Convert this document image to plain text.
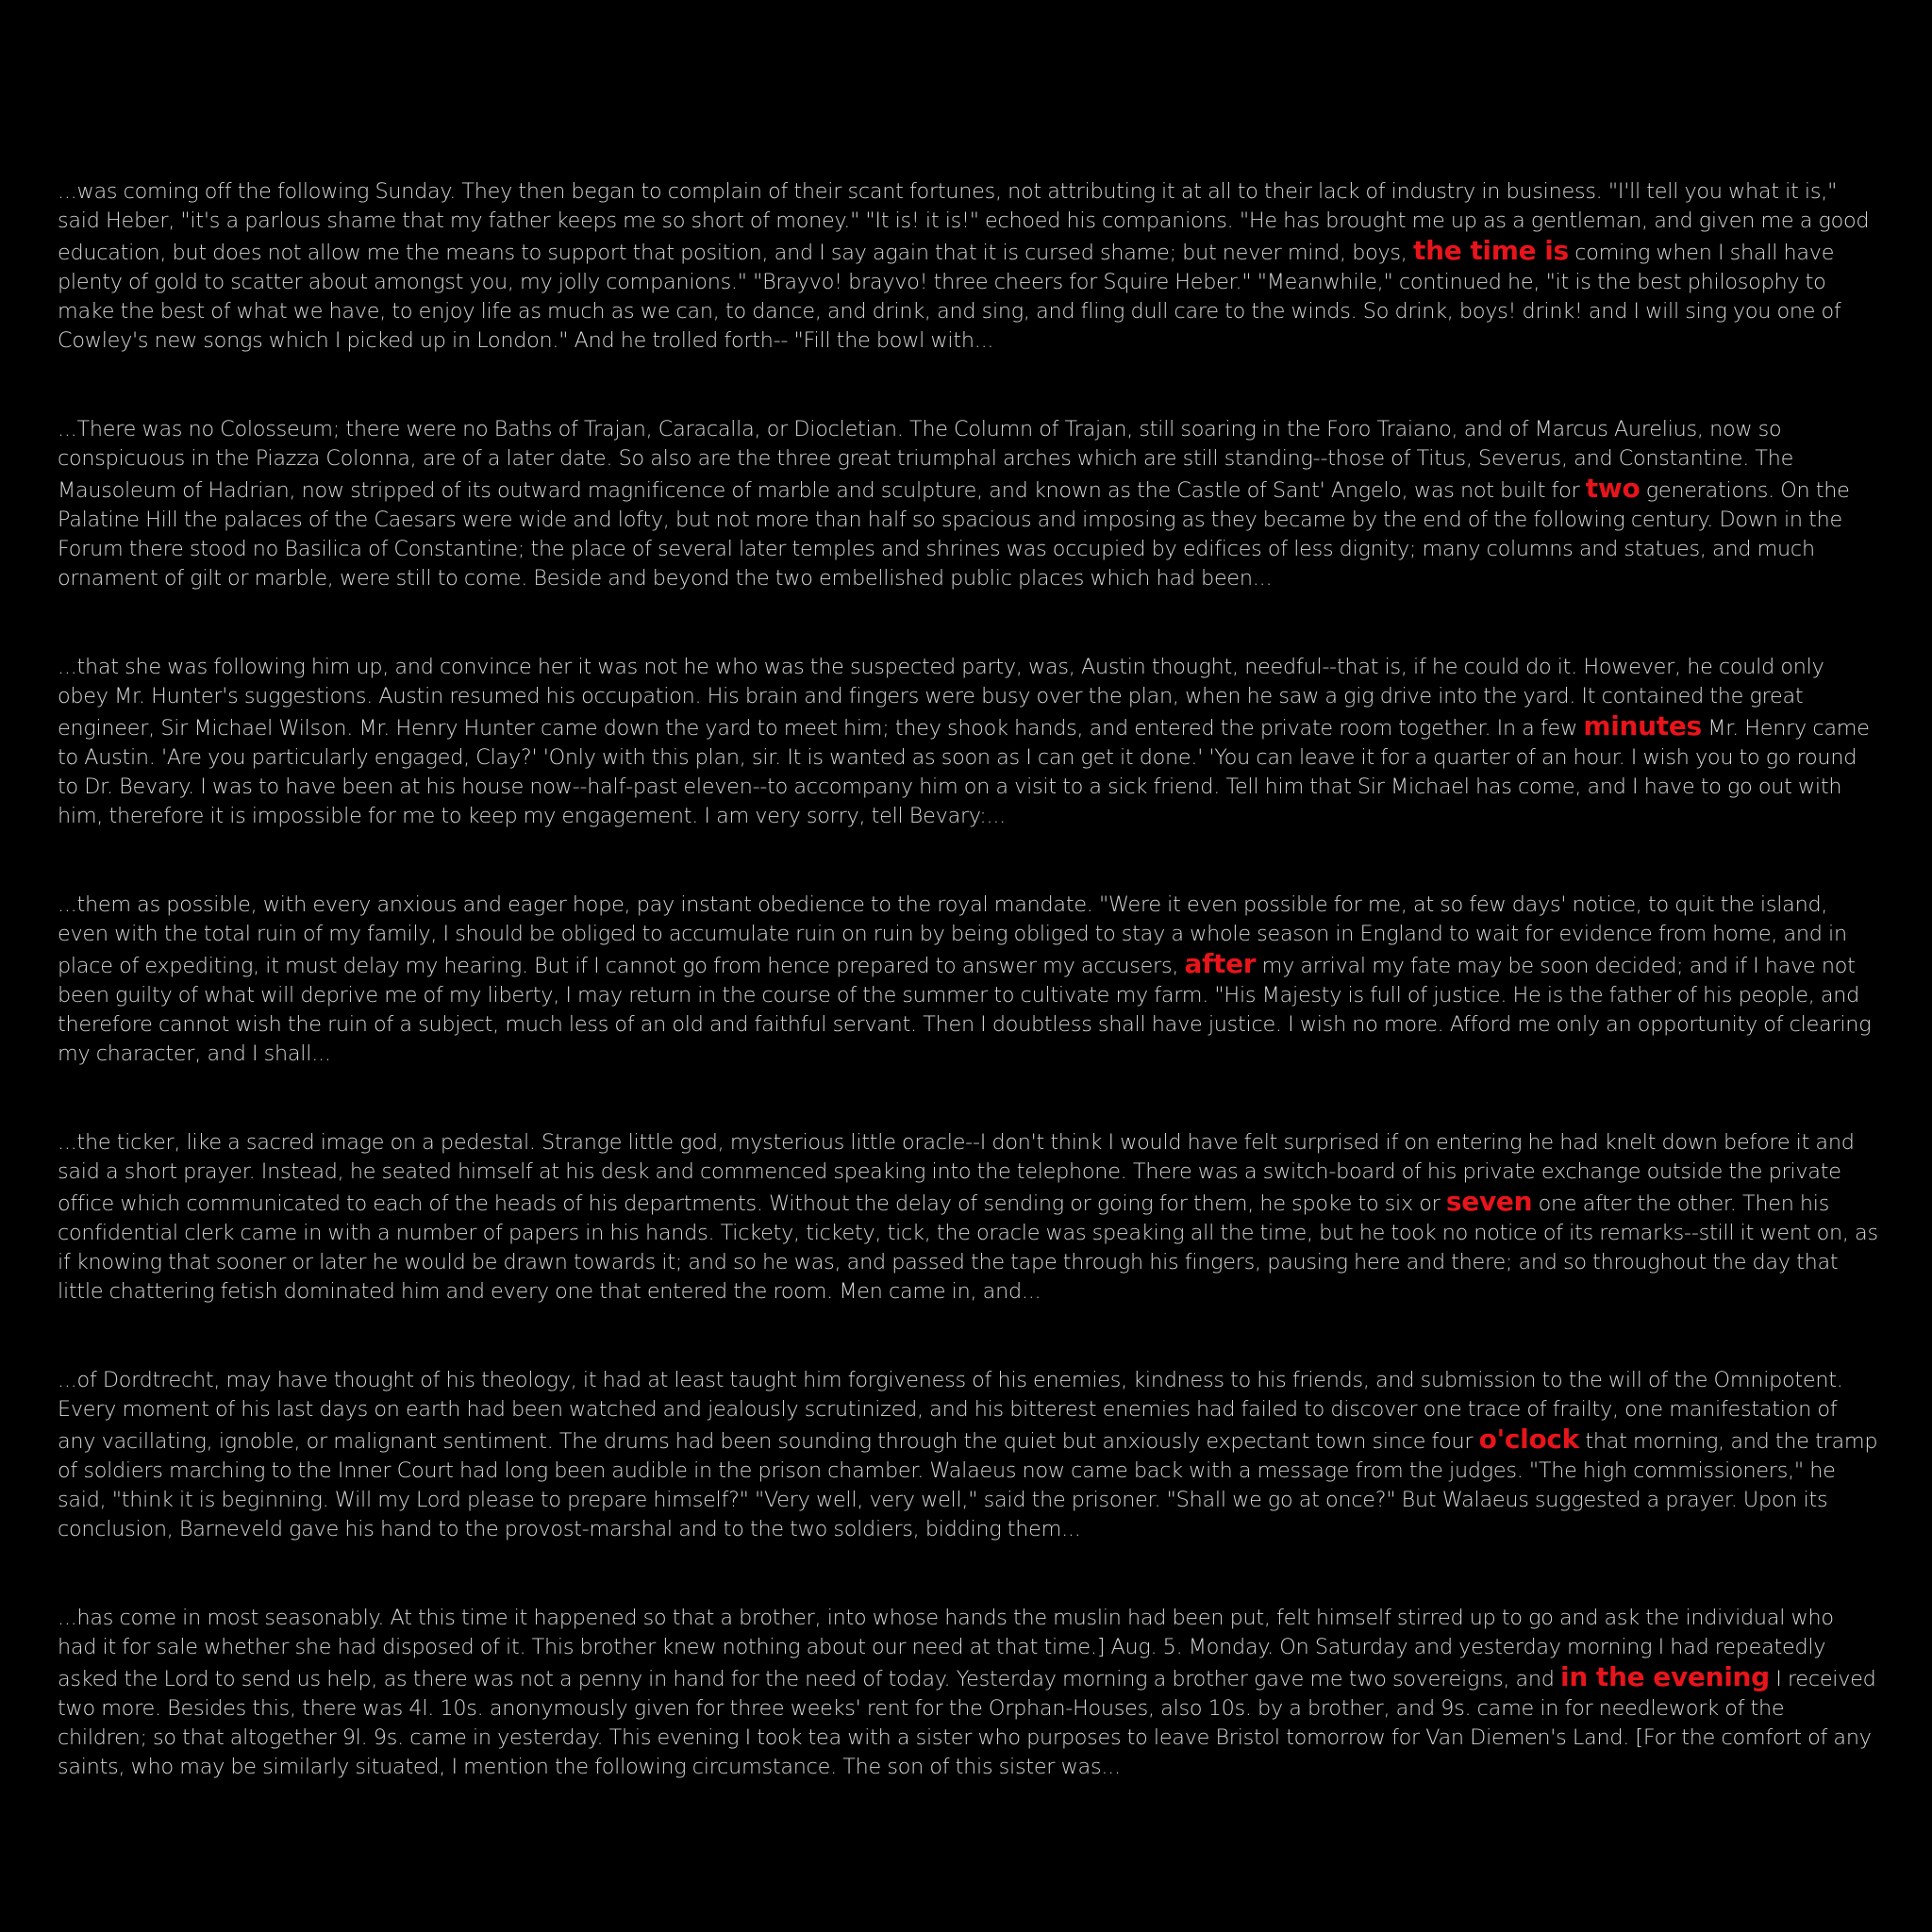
...was coming off the following Sunday. They then began to complain of their scant fortunes, not attributing it at all to their lack of industry in business. "I'll tell you what it is," said Heber, "it's a parlous shame that my father keeps me so short of money." "It is! it is!" echoed his companions. "He has brought me up as a gentleman, and given me a good education, but does not allow me the means to support that position, and I say again that it is cursed shame; but never mind, boys, the time is coming when I shall have plenty of gold to scatter about amongst you, my jolly companions." "Brayvo! brayvo! three cheers for Squire Heber." "Meanwhile," continued he, "it is the best philosophy to make the best of what we have, to enjoy life as much as we can, to dance, and drink, and sing, and fling dull care to the winds. So drink, boys! drink! and I will sing you one of Cowley's new songs which I picked up in London." And he trolled forth-- "Fill the bowl with...

...There was no Colosseum; there were no Baths of Trajan, Caracalla, or Diocletian. The Column of Trajan, still soaring in the Foro Traiano, and of Marcus Aurelius, now so conspicuous in the Piazza Colonna, are of a later date. So also are the three great triumphal arches which are still standing--those of Titus, Severus, and Constantine. The Mausoleum of Hadrian, now stripped of its outward magnificence of marble and sculpture, and known as the Castle of Sant' Angelo, was not built for two generations. On the Palatine Hill the palaces of the Caesars were wide and lofty, but not more than half so spacious and imposing as they became by the end of the following century. Down in the Forum there stood no Basilica of Constantine; the place of several later temples and shrines was occupied by edifices of less dignity; many columns and statues, and much ornament of gilt or marble, were still to come. Beside and beyond the two embellished public places which had been...

...that she was following him up, and convince her it was not he who was the suspected party, was, Austin thought, needful--that is, if he could do it. However, he could only obey Mr. Hunter's suggestions. Austin resumed his occupation. His brain and fingers were busy over the plan, when he saw a gig drive into the yard. It contained the great engineer, Sir Michael Wilson. Mr. Henry Hunter came down the yard to meet him; they shook hands, and entered the private room together. In a few minutes Mr. Henry came to Austin. 'Are you particularly engaged, Clay?' 'Only with this plan, sir. It is wanted as soon as I can get it done.' 'You can leave it for a quarter of an hour. I wish you to go round to Dr. Bevary. I was to have been at his house now--half-past eleven--to accompany him on a visit to a sick friend. Tell him that Sir Michael has come, and I have to go out with him, therefore it is impossible for me to keep my engagement. I am very sorry, tell Bevary:...

...them as possible, with every anxious and eager hope, pay instant obedience to the royal mandate. "Were it even possible for me, at so few days' notice, to quit the island, even with the total ruin of my family, I should be obliged to accumulate ruin on ruin by being obliged to stay a whole season in England to wait for evidence from home, and in place of expediting, it must delay my hearing. But if I cannot go from hence prepared to answer my accusers, after my arrival my fate may be soon decided; and if I have not been guilty of what will deprive me of my liberty, I may return in the course of the summer to cultivate my farm. "His Majesty is full of justice. He is the father of his people, and therefore cannot wish the ruin of a subject, much less of an old and faithful servant. Then I doubtless shall have justice. I wish no more. Afford me only an opportunity of clearing my character, and I shall...

...the ticker, like a sacred image on a pedestal. Strange little god, mysterious little oracle--I don't think I would have felt surprised if on entering he had knelt down before it and said a short prayer. Instead, he seated himself at his desk and commenced speaking into the telephone. There was a switch-board of his private exchange outside the private office which communicated to each of the heads of his departments. Without the delay of sending or going for them, he spoke to six or seven one after the other. Then his confidential clerk came in with a number of papers in his hands. Tickety, tickety, tick, the oracle was speaking all the time, but he took no notice of its remarks--still it went on, as if knowing that sooner or later he would be drawn towards it; and so he was, and passed the tape through his fingers, pausing here and there; and so throughout the day that little chattering fetish dominated him and every one that entered the room. Men came in, and...

...of Dordtrecht, may have thought of his theology, it had at least taught him forgiveness of his enemies, kindness to his friends, and submission to the will of the Omnipotent. Every moment of his last days on earth had been watched and jealously scrutinized, and his bitterest enemies had failed to discover one trace of frailty, one manifestation of any vacillating, ignoble, or malignant sentiment. The drums had been sounding through the quiet but anxiously expectant town since four o'clock that morning, and the tramp of soldiers marching to the Inner Court had long been audible in the prison chamber. Walaeus now came back with a message from the judges. "The high commissioners," he said, "think it is beginning. Will my Lord please to prepare himself?" "Very well, very well," said the prisoner. "Shall we go at once?" But Walaeus suggested a prayer. Upon its conclusion, Barneveld gave his hand to the provost-marshal and to the two soldiers, bidding them...

...has come in most seasonably. At this time it happened so that a brother, into whose hands the muslin had been put, felt himself stirred up to go and ask the individual who had it for sale whether she had disposed of it. This brother knew nothing about our need at that time.] Aug. 5. Monday. On Saturday and yesterday morning I had repeatedly asked the Lord to send us help, as there was not a penny in hand for the need of today. Yesterday morning a brother gave me two sovereigns, and in the evening I received two more. Besides this, there was 4l. 10s. anonymously given for three weeks' rent for the Orphan-Houses, also 10s. by a brother, and 9s. came in for needlework of the children; so that altogether 9l. 9s. came in yesterday. This evening I took tea with a sister who purposes to leave Bristol tomorrow for Van Diemen's Land. [For the comfort of any saints, who may be similarly situated, I mention the following circumstance. The son of this sister was...
